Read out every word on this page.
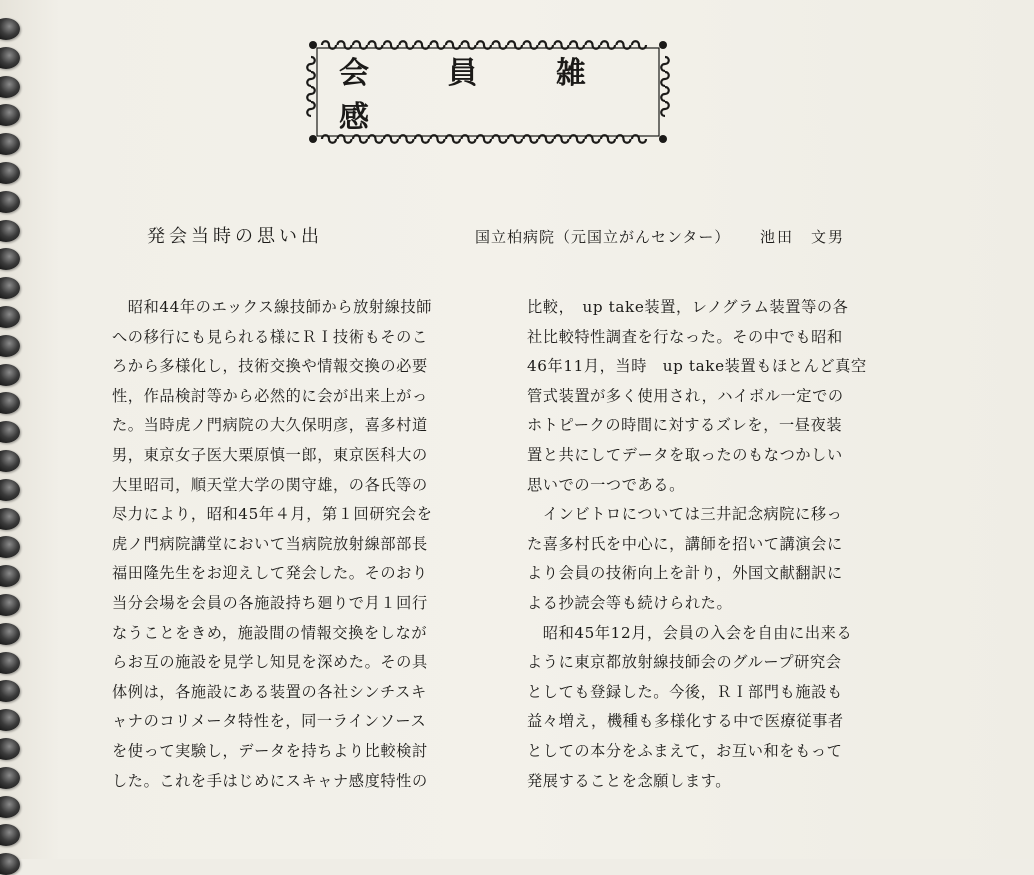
会 員 雑 感
発会当時の思い出	国立柏病院（元国立がんセンター） 池田　文男
　昭和44年のエックス線技師から放射線技師
への移行にも見られる様にＲＩ技術もそのこ
ろから多様化し，技術交換や情報交換の必要
性，作品検討等から必然的に会が出来上がっ
た。当時虎ノ門病院の大久保明彦，喜多村道
男，東京女子医大栗原慎一郎，東京医科大の
大里昭司，順天堂大学の関守雄，の各氏等の
尽力により，昭和45年４月，第１回研究会を
虎ノ門病院講堂において当病院放射線部部長
福田隆先生をお迎えして発会した。そのおり
当分会場を会員の各施設持ち廻りで月１回行
なうことをきめ，施設間の情報交換をしなが
らお互の施設を見学し知見を深めた。その具
体例は，各施設にある装置の各社シンチスキ
ャナのコリメータ特性を，同一ラインソース
を使って実験し，データを持ちより比較検討
した。これを手はじめにスキャナ感度特性の
比較，　up take装置，レノグラム装置等の各
社比較特性調査を行なった。その中でも昭和
46年11月，当時　up take装置もほとんど真空
管式装置が多く使用され，ハイボル一定での
ホトピークの時間に対するズレを，一昼夜装
置と共にしてデータを取ったのもなつかしい
思いでの一つである。
　インビトロについては三井記念病院に移っ
た喜多村氏を中心に，講師を招いて講演会に
より会員の技術向上を計り，外国文献翻訳に
よる抄読会等も続けられた。
　昭和45年12月，会員の入会を自由に出来る
ように東京都放射線技師会のグループ研究会
としても登録した。今後，ＲＩ部門も施設も
益々増え，機種も多様化する中で医療従事者
としての本分をふまえて，お互い和をもって
発展することを念願します。
